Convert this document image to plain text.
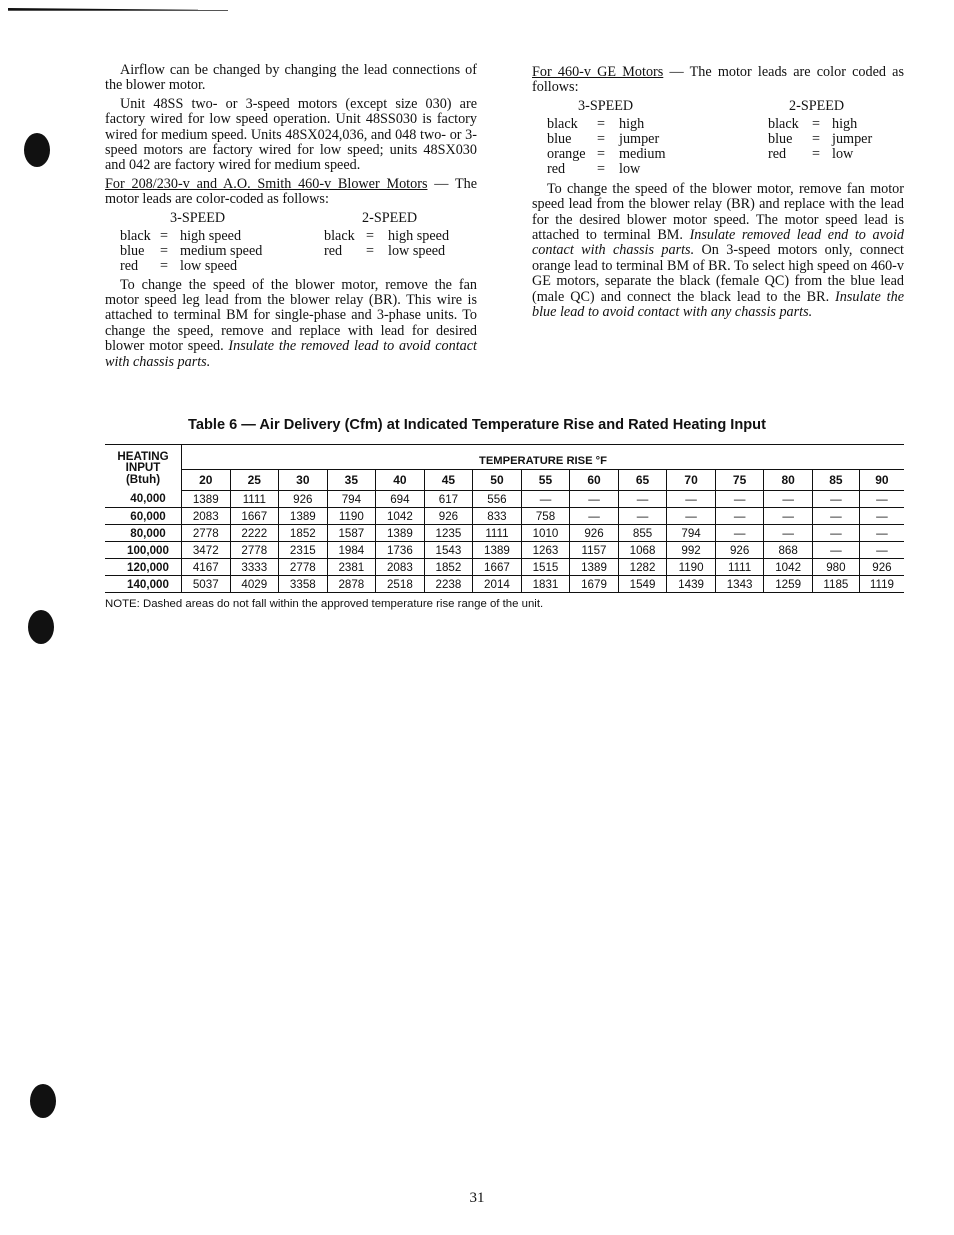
Airflow can be changed by changing the lead connections of the blower motor.

Unit 48SS two- or 3-speed motors (except size 030) are factory wired for low speed operation. Unit 48SS030 is factory wired for medium speed. Units 48SX024,036, and 048 two- or 3-speed motors are factory wired for low speed; units 48SX030 and 042 are factory wired for medium speed.

For 208/230-v and A.O. Smith 460-v Blower Motors — The motor leads are color-coded as follows:

3-SPEED	2-SPEED
black = high speed
blue = medium speed
red = low speed
black = high speed
red = low speed

To change the speed of the blower motor, remove the fan motor speed leg lead from the blower relay (BR). This wire is attached to terminal BM for single-phase and 3-phase units. To change the speed, remove and replace with lead for desired blower motor speed. Insulate the removed lead to avoid contact with chassis parts.

For 460-v GE Motors — The motor leads are color coded as follows:

3-SPEED	2-SPEED
black = high
blue = jumper
orange = medium
red = low
black = high
blue = jumper
red = low

To change the speed of the blower motor, remove fan motor speed lead from the blower relay (BR) and replace with the lead for the desired blower motor speed. The motor speed lead is attached to terminal BM. Insulate removed lead end to avoid contact with chassis parts. On 3-speed motors only, connect orange lead to terminal BM of BR. To select high speed on 460-v GE motors, separate the black (female QC) from the blue lead (male QC) and connect the black lead to the BR. Insulate the blue lead to avoid contact with any chassis parts.

Table 6 — Air Delivery (Cfm) at Indicated Temperature Rise and Rated Heating Input
HEATING
INPUT
(Btuh)	TEMPERATURE RISE °F														
	20	25	30	35	40	45	50	55	60	65	70	75	80	85	90
40,000	1389	1111	926	794	694	617	556	—	—	—	—	—	—	—	—
60,000	2083	1667	1389	1190	1042	926	833	758	—	—	—	—	—	—	—
80,000	2778	2222	1852	1587	1389	1235	1111	1010	926	855	794	—	—	—	—
100,000	3472	2778	2315	1984	1736	1543	1389	1263	1157	1068	992	926	868	—	—
120,000	4167	3333	2778	2381	2083	1852	1667	1515	1389	1282	1190	1111	1042	980	926
140,000	5037	4029	3358	2878	2518	2238	2014	1831	1679	1549	1439	1343	1259	1185	1119
NOTE: Dashed areas do not fall within the approved temperature rise range of the unit.
31
